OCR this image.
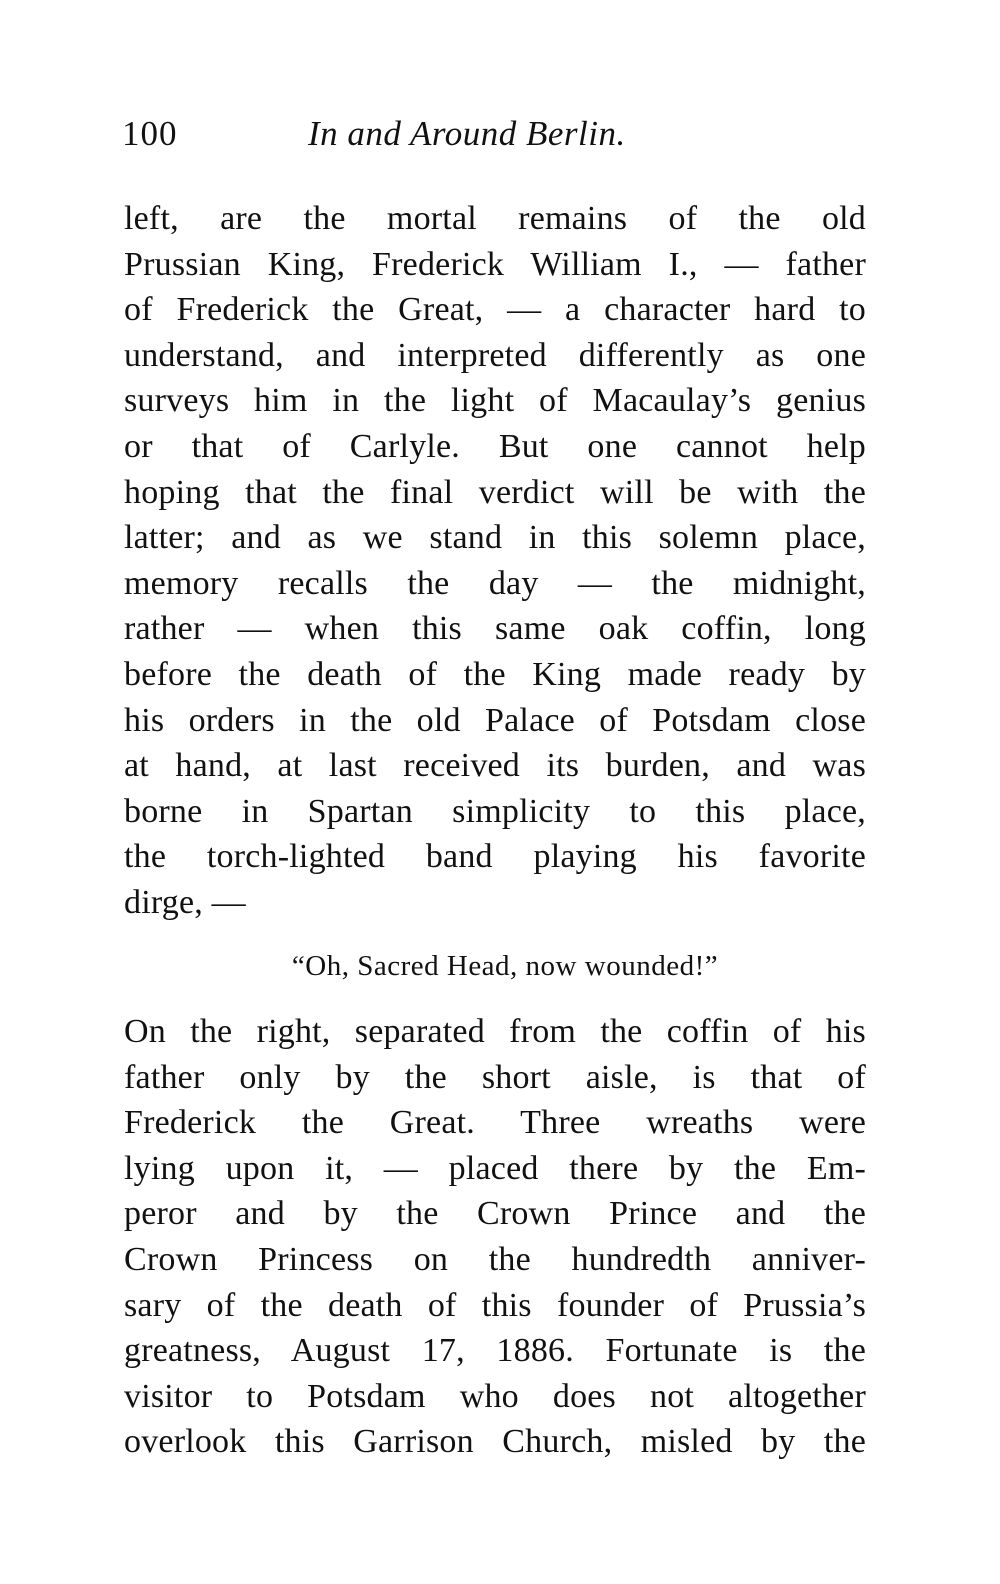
100	In and Around Berlin.
left, are the mortal remains of the old
Prussian King, Frederick William I., — father
of Frederick the Great, — a character hard to
understand, and interpreted differently as one
surveys him in the light of Macaulay’s genius
or that of Carlyle. But one cannot help
hoping that the final verdict will be with the
latter; and as we stand in this solemn place,
memory recalls the day — the midnight,
rather — when this same oak coffin, long
before the death of the King made ready by
his orders in the old Palace of Potsdam close
at hand, at last received its burden, and was
borne in Spartan simplicity to this place,
the torch-lighted band playing his favorite
dirge, —
“Oh, Sacred Head, now wounded!”
On the right, separated from the coffin of his
father only by the short aisle, is that of
Frederick the Great. Three wreaths were
lying upon it, — placed there by the Em-
peror and by the Crown Prince and the
Crown Princess on the hundredth anniver-
sary of the death of this founder of Prussia’s
greatness, August 17, 1886. Fortunate is the
visitor to Potsdam who does not altogether
overlook this Garrison Church, misled by the
